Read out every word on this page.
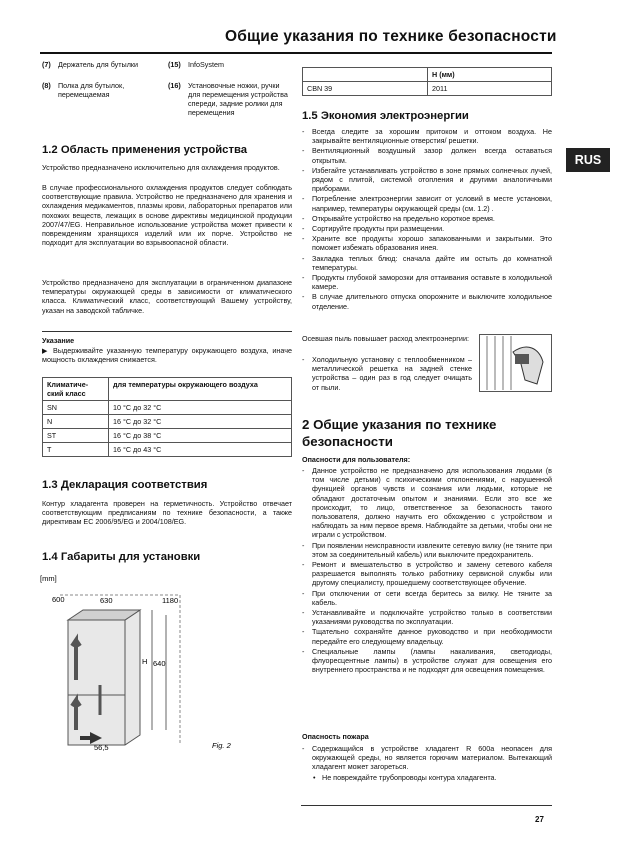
Общие указания по технике безопасности
RUS
(7) Держатель для бутылки
(8) Полка для бутылок, перемещаемая
(15) InfoSystem
(16) Установочные ножки, ручки для перемещения устройства спереди, задние ролики для перемещения
	H (мм)
CBN 39	2011
1.2 Область применения устройства
Устройство предназначено исключительно для охлаждения продуктов.
В случае профессионального охлаждения продуктов следует соблюдать соответствующие правила. Устройство не предназначено для хранения и охлаждения медикаментов, плазмы крови, лабораторных препаратов или похожих веществ, лежащих в основе директивы медицинской продукции 2007/47/EG. Неправильное использование устройства может привести к повреждениям хранящихся изделий или их порче. Устройство не подходит для эксплуатации во взрывоопасной области.
Устройство предназначено для эксплуатации в ограниченном диапазоне температуры окружающей среды в зависимости от климатического класса. Климатический класс, соответствующий Вашему устройству, указан на заводской табличке.
Указание
▶ Выдерживайте указанную температуру окружающего воздуха, иначе мощность охлаждения снижается.
Климатиче-ский класс	для температуры окружающего воздуха
SN	10 °C до 32 °C
N	16 °C до 32 °C
ST	16 °C до 38 °C
T	16 °C до 43 °C
1.3 Декларация соответствия
Контур хладагента проверен на герметичность. Устройство отвечает соответствующим предписаниям по технике безопасности, а также директивам EC 2006/95/EG и 2004/108/EG.
1.4 Габариты для установки
[mm]
630	1180
600
H 640
56,5	Fig. 2
1.5 Экономия электроэнергии
- Всегда следите за хорошим притоком и оттоком воздуха. Не закрывайте вентиляционные отверстия/ решетки.
- Вентиляционный воздушный зазор должен всегда оставаться открытым.
- Избегайте устанавливать устройство в зоне прямых солнечных лучей, рядом с плитой, системой отопления и другими аналогичными приборами.
- Потребление электроэнергии зависит от условий в месте установки, например, температуры окружающей среды (см. 1.2) .
- Открывайте устройство на предельно короткое время.
- Сортируйте продукты при размещении.
- Храните все продукты хорошо запакованными и закрытыми. Это поможет избежать образования инея.
- Закладка теплых блюд: сначала дайте им остыть до комнатной температуры.
- Продукты глубокой заморозки для оттаивания оставьте в холодильной камере.
- В случае длительного отпуска опорожните и выключите холодильное отделение.
Осевшая пыль повышает расход электроэнергии:
- Холодильную установку с теплообменником – металлической решетка на задней стенке устройства – один раз в год следует очищать от пыли.
2 Общие указания по технике безопасности
Опасности для пользователя:
- Данное устройство не предназначено для использования людьми (в том числе детьми) с психическими отклонениями, с нарушенной функцией органов чувств и сознания или людьми, которые не обладают достаточным опытом и знаниями. Если это все же происходит, то лицо, ответственное за безопасность такого пользователя, должно научить его обхождению с устройством и наблюдать за ним первое время. Наблюдайте за детьми, чтобы они не играли с устройством.
- При появлении неисправности извлеките сетевую вилку (не тяните при этом за соединительный кабель) или выключите предохранитель.
- Ремонт и вмешательство в устройство и замену сетевого кабеля разрешается выполнять только работнику сервисной службы или другому специалисту, прошедшему соответствующее обучение.
- При отключении от сети всегда беритесь за вилку. Не тяните за кабель.
- Устанавливайте и подключайте устройство только в соответствии указаниями руководства по эксплуатации.
- Тщательно сохраняйте данное руководство и при необходимости передайте его следующему владельцу.
- Специальные лампы (лампы накаливания, светодиоды, флуоресцентные лампы) в устройстве служат для освещения его внутреннего пространства и не подходят для освещения помещения.
Опасность пожара
- Содержащийся в устройстве хладагент R 600a неопасен для окружающей среды, но является горючим материалом. Вытекающий хладагент может загореться.
• Не повреждайте трубопроводы контура хладагента.
27
